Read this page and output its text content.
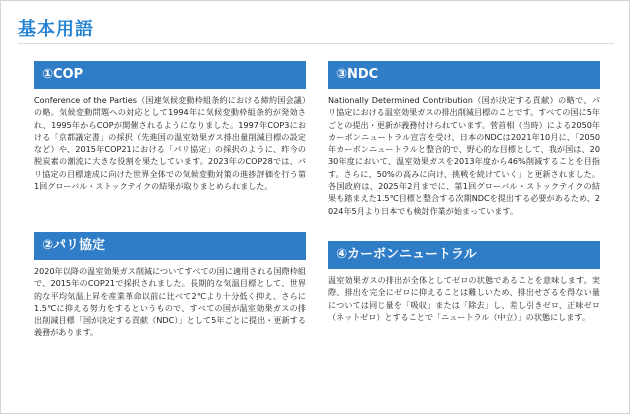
基本用語
①COP
Conference of the Parties（国連気候変動枠組条約における締約国会議）の略。気候変動問題への対応として1994年に気候変動枠組条約が発効され、1995年からCOPが開催されるようになりました。1997年COP3における「京都議定書」の採択（先進国の温室効果ガス排出量削減目標の設定など）や、2015年COP21における「パリ協定」の採択のように、昨今の脱炭素の潮流に大きな役割を果たしています。2023年のCOP28では、パリ協定の目標達成に向けた世界全体での気候変動対策の進捗評価を行う第1回グローバル・ストックテイクの結果が取りまとめられました。
③NDC
Nationally Determined Contribution（国が決定する貢献）の略で、パリ協定における温室効果ガスの排出削減目標のことです。すべての国に5年ごとの提出・更新が義務付けられています。菅首相（当時）による2050年カーボンニュートラル宣言を受け、日本のNDCは2021年10月に、「2050年カーボンニュートラルと整合的で、野心的な目標として、我が国は、2030年度において、温室効果ガスを2013年度から46%削減することを目指す。さらに、50%の高みに向け、挑戦を続けていく」と更新されました。各国政府は、2025年2月までに、第1回グローバル・ストックテイクの結果も踏まえた1.5℃目標と整合する次期NDCを提出する必要があるため、2024年5月より日本でも検討作業が始まっています。
②パリ協定
2020年以降の温室効果ガス削減についてすべての国に適用される国際枠組で、2015年のCOP21で採択されました。長期的な気温目標として、世界的な平均気温上昇を産業革命以前に比べて2℃より十分低く抑え、さらに1.5℃に抑える努力をするというもので、すべての国が温室効果ガスの排出削減目標「国が決定する貢献（NDC）」として5年ごとに提出・更新する義務があります。
④カーボンニュートラル
温室効果ガスの排出が全体としてゼロの状態であることを意味します。実際、排出を完全にゼロに抑えることは難しいため、排出せざるを得ない量については同じ量を「吸収」または「除去」し、差し引きゼロ、正味ゼロ（ネットゼロ）とすることで「ニュートラル（中立）」の状態にします。
